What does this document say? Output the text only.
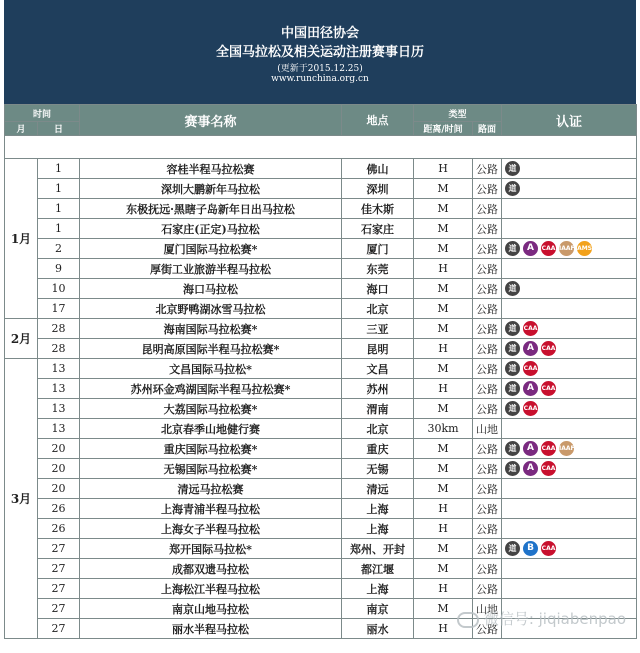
中国田径协会
全国马拉松及相关运动注册赛事日历
(更新于2015.12.25)
www.runchina.org.cn
时间		赛事名称	地点	类型		认证
月	日			距离/时间	路面	

1月	1	容桂半程马拉松赛	佛山	H	公路	道
	1	深圳大鹏新年马拉松	深圳	M	公路	道
	1	东极抚远·黑瞎子岛新年日出马拉松	佳木斯	M	公路	
	1	石家庄(正定)马拉松	石家庄	M	公路	
	2	厦门国际马拉松赛*	厦门	M	公路	道 A CAA IAAF AMS
	9	厚街工业旅游半程马拉松	东莞	H	公路	
	10	海口马拉松	海口	M	公路	道
	17	北京野鸭湖冰雪马拉松	北京	M	公路	
2月	28	海南国际马拉松赛*	三亚	M	公路	道 CAA
	28	昆明高原国际半程马拉松赛*	昆明	H	公路	道 A CAA
3月	13	文昌国际马拉松*	文昌	M	公路	道 CAA
	13	苏州环金鸡湖国际半程马拉松赛*	苏州	H	公路	道 A CAA
	13	大荔国际马拉松赛*	渭南	M	公路	道 CAA
	13	北京春季山地健行赛	北京	30km	山地	
	20	重庆国际马拉松赛*	重庆	M	公路	道 A CAA IAAF
	20	无锡国际马拉松赛*	无锡	M	公路	道 A CAA
	20	清远马拉松赛	清远	M	公路	
	26	上海青浦半程马拉松	上海	H	公路	
	26	上海女子半程马拉松	上海	H	公路	
	27	郑开国际马拉松*	郑州、开封	M	公路	道 B CAA
	27	成都双遗马拉松	都江堰	M	公路	
	27	上海松江半程马拉松	上海	H	公路	
	27	南京山地马拉松	南京	M	山地	
	27	丽水半程马拉松	丽水	H	公路	
微信号: jiqiabenpao
